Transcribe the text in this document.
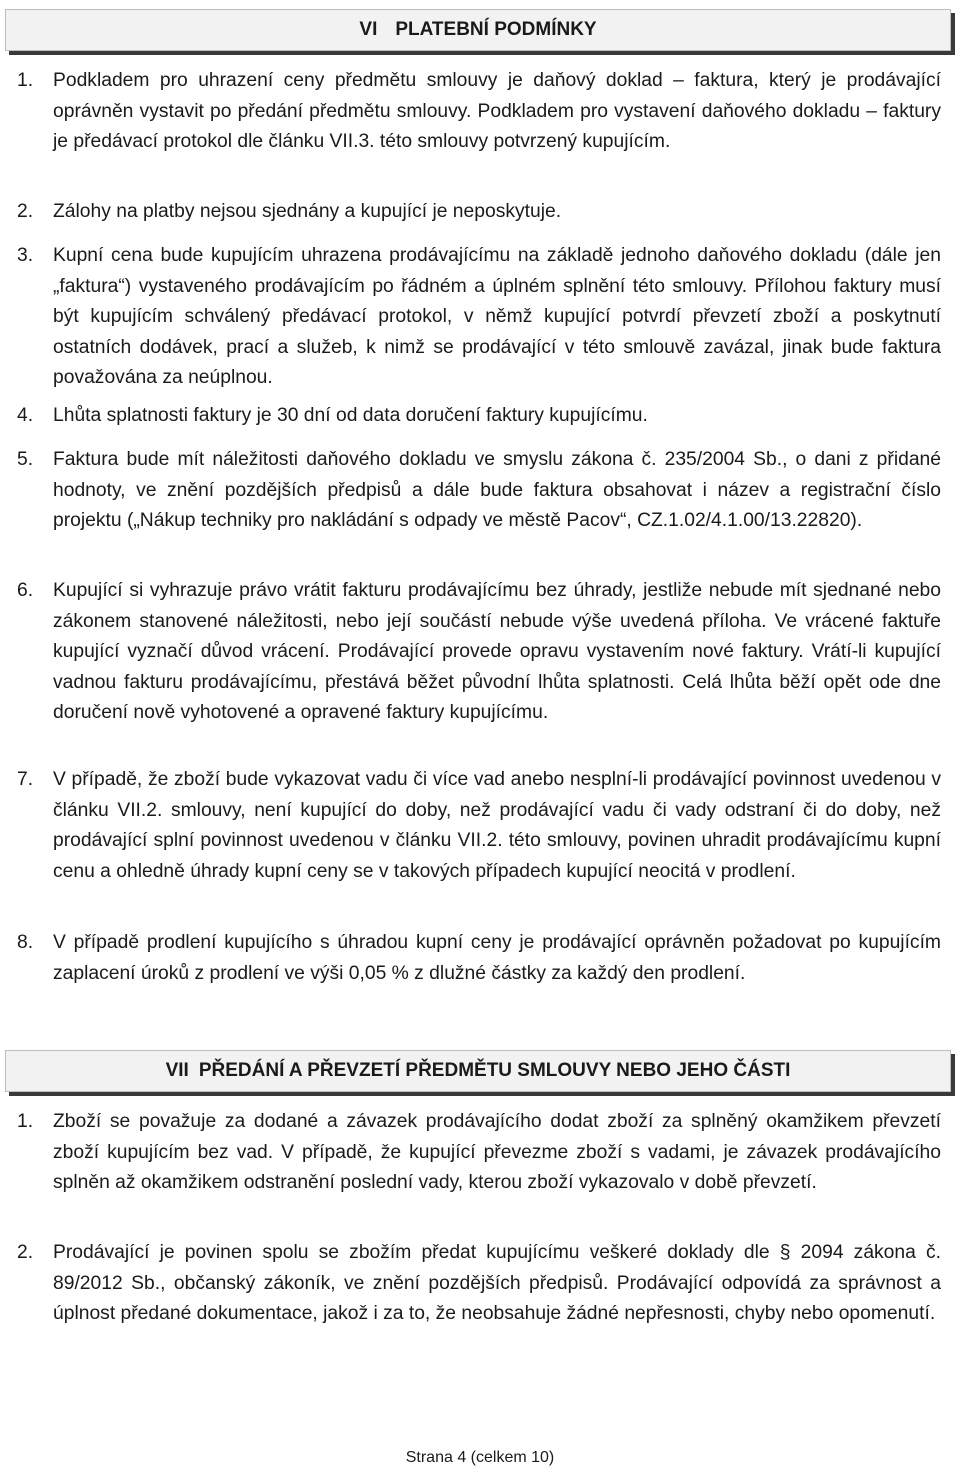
VI PLATEBNÍ PODMÍNKY
1. Podkladem pro uhrazení ceny předmětu smlouvy je daňový doklad – faktura, který je prodávající oprávněn vystavit po předání předmětu smlouvy. Podkladem pro vystavení daňového dokladu – faktury je předávací protokol dle článku VII.3. této smlouvy potvrzený kupujícím.
2. Zálohy na platby nejsou sjednány a kupující je neposkytuje.
3. Kupní cena bude kupujícím uhrazena prodávajícímu na základě jednoho daňového dokladu (dále jen „faktura“) vystaveného prodávajícím po řádném a úplném splnění této smlouvy. Přílohou faktury musí být kupujícím schválený předávací protokol, v němž kupující potvrdí převzetí zboží a poskytnutí ostatních dodávek, prací a služeb, k nimž se prodávající v této smlouvě zavázal, jinak bude faktura považována za neúplnou.
4. Lhůta splatnosti faktury je 30 dní od data doručení faktury kupujícímu.
5. Faktura bude mít náležitosti daňového dokladu ve smyslu zákona č. 235/2004 Sb., o dani z přidané hodnoty, ve znění pozdějších předpisů a dále bude faktura obsahovat i název a registrační číslo projektu („Nákup techniky pro nakládání s odpady ve městě Pacov“, CZ.1.02/4.1.00/13.22820).
6. Kupující si vyhrazuje právo vrátit fakturu prodávajícímu bez úhrady, jestliže nebude mít sjednané nebo zákonem stanovené náležitosti, nebo její součástí nebude výše uvedená příloha. Ve vrácené faktuře kupující vyznačí důvod vrácení. Prodávající provede opravu vystavením nové faktury. Vrátí-li kupující vadnou fakturu prodávajícímu, přestává běžet původní lhůta splatnosti. Celá lhůta běží opět ode dne doručení nově vyhotovené a opravené faktury kupujícímu.
7. V případě, že zboží bude vykazovat vadu či více vad anebo nesplní-li prodávající povinnost uvedenou v článku VII.2. smlouvy, není kupující do doby, než prodávající vadu či vady odstraní či do doby, než prodávající splní povinnost uvedenou v článku VII.2. této smlouvy, povinen uhradit prodávajícímu kupní cenu a ohledně úhrady kupní ceny se v takových případech kupující neocitá v prodlení.
8. V případě prodlení kupujícího s úhradou kupní ceny je prodávající oprávněn požadovat po kupujícím zaplacení úroků z prodlení ve výši 0,05 % z dlužné částky za každý den prodlení.
VII PŘEDÁNÍ A PŘEVZETÍ PŘEDMĚTU SMLOUVY NEBO JEHO ČÁSTI
1. Zboží se považuje za dodané a závazek prodávajícího dodat zboží za splněný okamžikem převzetí zboží kupujícím bez vad. V případě, že kupující převezme zboží s vadami, je závazek prodávajícího splněn až okamžikem odstranění poslední vady, kterou zboží vykazovalo v době převzetí.
2. Prodávající je povinen spolu se zbožím předat kupujícímu veškeré doklady dle § 2094 zákona č. 89/2012 Sb., občanský zákoník, ve znění pozdějších předpisů. Prodávající odpovídá za správnost a úplnost předané dokumentace, jakož i za to, že neobsahuje žádné nepřesnosti, chyby nebo opomenutí.
Strana 4 (celkem 10)
